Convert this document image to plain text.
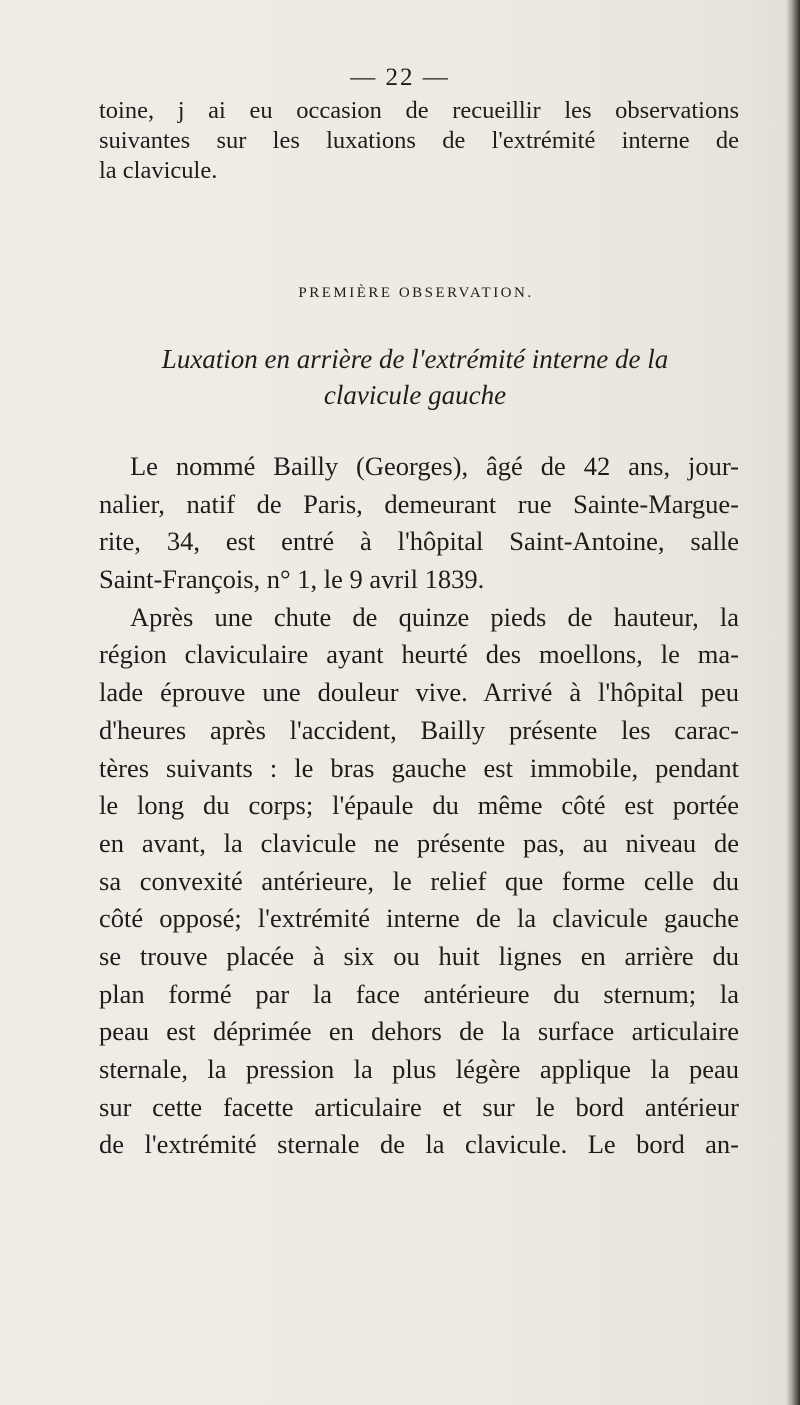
— 22 —
toine, j ai eu occasion de recueillir les observations
suivantes sur les luxations de l'extrémité interne de
la clavicule.
PREMIÈRE OBSERVATION.
Luxation en arrière de l'extrémité interne de la
clavicule gauche
Le nommé Bailly (Georges), âgé de 42 ans, jour-
nalier, natif de Paris, demeurant rue Sainte-Margue-
rite, 34, est entré à l'hôpital Saint-Antoine, salle
Saint-François, n° 1, le 9 avril 1839.
Après une chute de quinze pieds de hauteur, la
région claviculaire ayant heurté des moellons, le ma-
lade éprouve une douleur vive. Arrivé à l'hôpital peu
d'heures après l'accident, Bailly présente les carac-
tères suivants : le bras gauche est immobile, pendant
le long du corps; l'épaule du même côté est portée
en avant, la clavicule ne présente pas, au niveau de
sa convexité antérieure, le relief que forme celle du
côté opposé; l'extrémité interne de la clavicule gauche
se trouve placée à six ou huit lignes en arrière du
plan formé par la face antérieure du sternum; la
peau est déprimée en dehors de la surface articulaire
sternale, la pression la plus légère applique la peau
sur cette facette articulaire et sur le bord antérieur
de l'extrémité sternale de la clavicule. Le bord an-
